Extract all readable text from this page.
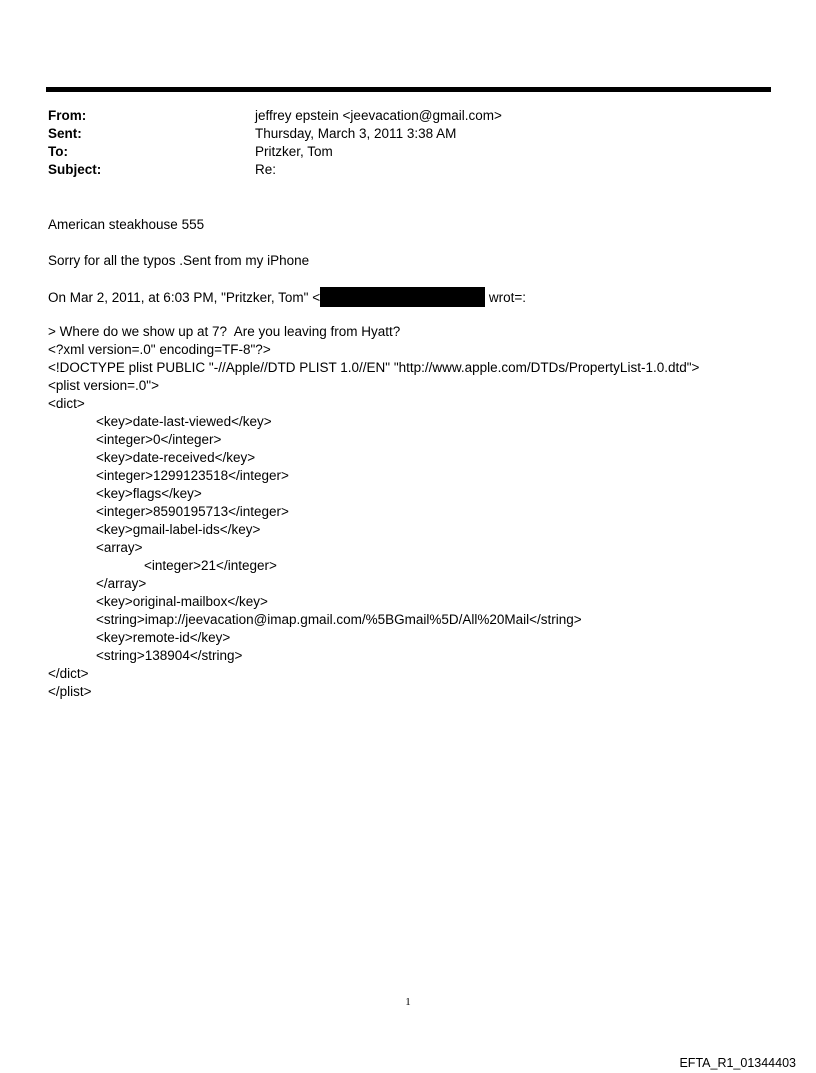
From:	jeffrey epstein <jeevacation@gmail.com>
Sent:	Thursday, March 3, 2011 3:38 AM
To:	Pritzker, Tom
Subject:	Re:
American steakhouse 555
Sorry for all the typos .Sent from my iPhone
On Mar 2, 2011, at 6:03 PM, "Pritzker, Tom" <	wrot=:
> Where do we show up at 7?  Are you leaving from Hyatt?
<?xml version=.0" encoding=TF-8"?>
<!DOCTYPE plist PUBLIC "-//Apple//DTD PLIST 1.0//EN" "http://www.apple.com/DTDs/PropertyList-1.0.dtd">
<plist version=.0">
<dict>
<key>date-last-viewed</key>
<integer>0</integer>
<key>date-received</key>
<integer>1299123518</integer>
<key>flags</key>
<integer>8590195713</integer>
<key>gmail-label-ids</key>
<array>
<integer>21</integer>
</array>
<key>original-mailbox</key>
<string>imap://jeevacation@imap.gmail.com/%5BGmail%5D/All%20Mail</string>
<key>remote-id</key>
<string>138904</string>
</dict>
</plist>
1
EFTA_R1_01344403
